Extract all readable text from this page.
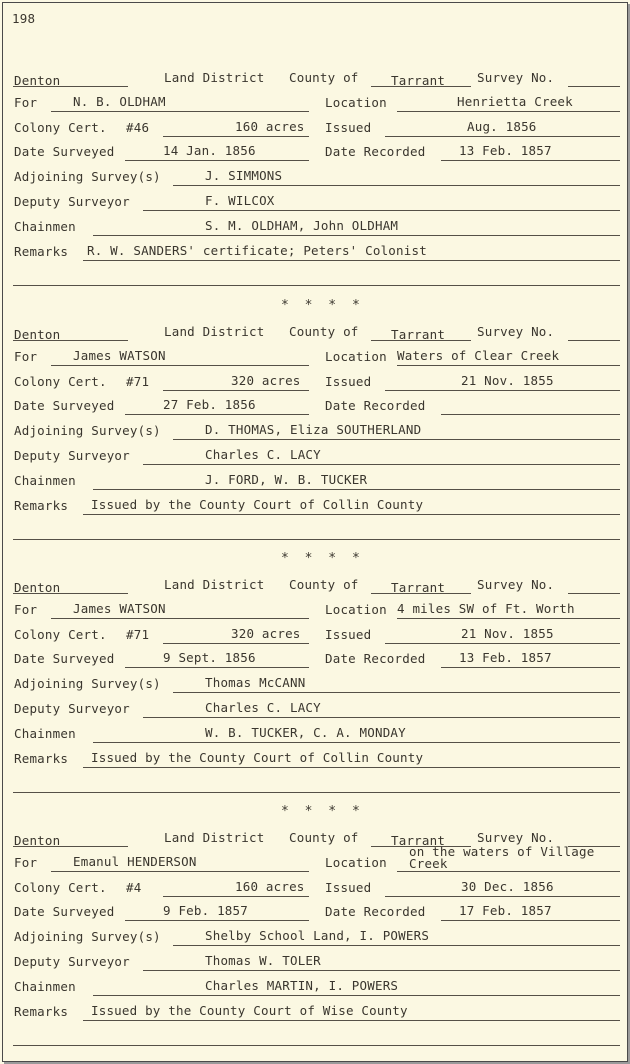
198
Denton	Land District County of	Tarrant	Survey No.
For	N. B. OLDHAM	Location	Henrietta Creek
Colony Cert. #46	160 acres Issued	Aug. 1856
Date Surveyed	14 Jan. 1856	Date Recorded	13 Feb. 1857
Adjoining Survey(s)	J. SIMMONS
Deputy Surveyor	F. WILCOX
Chainmen	S. M. OLDHAM, John OLDHAM
Remarks R. W. SANDERS' certificate; Peters' Colonist
Denton	Land District County of	Tarrant	Survey No.
For	James WATSON	Location Waters of Clear Creek
Colony Cert. #71	320 acres Issued	21 Nov. 1855
Date Surveyed	27 Feb. 1856	Date Recorded
Adjoining Survey(s)	D. THOMAS, Eliza SOUTHERLAND
Deputy Surveyor	Charles C. LACY
Chainmen	J. FORD, W. B. TUCKER
Remarks Issued by the County Court of Collin County
Denton	Land District County of	Tarrant	Survey No.
For	James WATSON	Location 4 miles SW of Ft. Worth
Colony Cert. #71	320 acres Issued	21 Nov. 1855
Date Surveyed	9 Sept. 1856	Date Recorded	13 Feb. 1857
Adjoining Survey(s)	Thomas McCANN
Deputy Surveyor	Charles C. LACY
Chainmen	W. B. TUCKER, C. A. MONDAY
Remarks Issued by the County Court of Collin County
Denton	Land District County of	Tarrant	Survey No.
For	Emanul HENDERSON	Location
on the waters of Village
Creek
Colony Cert. #4	160 acres Issued	30 Dec. 1856
Date Surveyed	9 Feb. 1857	Date Recorded	17 Feb. 1857
Adjoining Survey(s)	Shelby School Land, I. POWERS
Deputy Surveyor	Thomas W. TOLER
Chainmen	Charles MARTIN, I. POWERS
Remarks Issued by the County Court of Wise County
* * * *
* * * *
* * * *
